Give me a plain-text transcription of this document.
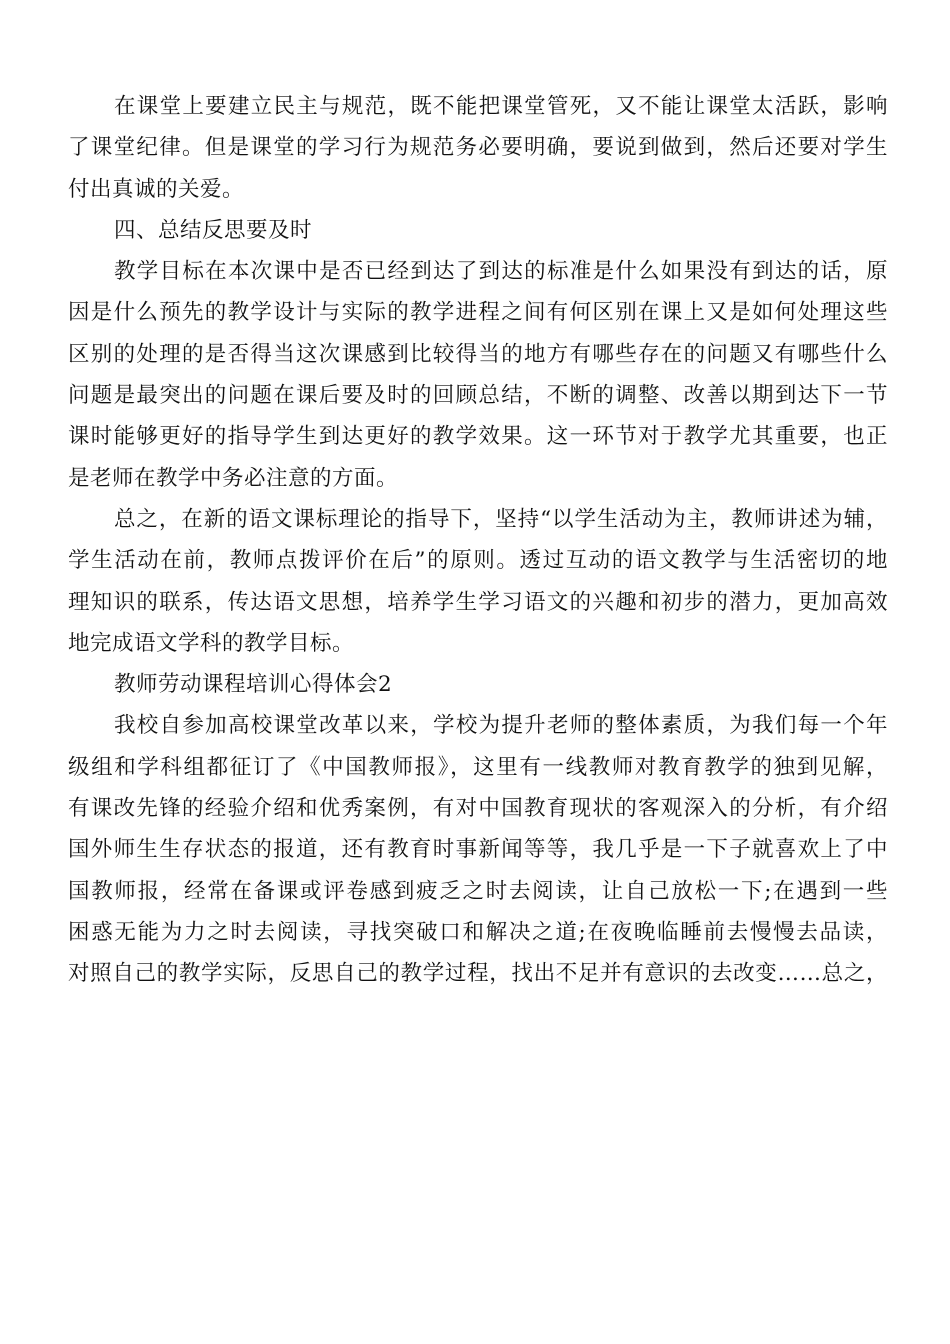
在课堂上要建立民主与规范，既不能把课堂管死，又不能让课堂太活跃，影响
了课堂纪律。但是课堂的学习行为规范务必要明确，要说到做到，然后还要对学生
付出真诚的关爱。
四、总结反思要及时
教学目标在本次课中是否已经到达了到达的标准是什么如果没有到达的话，原
因是什么预先的教学设计与实际的教学进程之间有何区别在课上又是如何处理这些
区别的处理的是否得当这次课感到比较得当的地方有哪些存在的问题又有哪些什么
问题是最突出的问题在课后要及时的回顾总结，不断的调整、改善以期到达下一节
课时能够更好的指导学生到达更好的教学效果。这一环节对于教学尤其重要，也正
是老师在教学中务必注意的方面。
总之，在新的语文课标理论的指导下，坚持“以学生活动为主，教师讲述为辅，
学生活动在前，教师点拨评价在后”的原则。透过互动的语文教学与生活密切的地
理知识的联系，传达语文思想，培养学生学习语文的兴趣和初步的潜力，更加高效
地完成语文学科的教学目标。
教师劳动课程培训心得体会2
我校自参加高校课堂改革以来，学校为提升老师的整体素质，为我们每一个年
级组和学科组都征订了《中国教师报》，这里有一线教师对教育教学的独到见解，
有课改先锋的经验介绍和优秀案例，有对中国教育现状的客观深入的分析，有介绍
国外师生生存状态的报道，还有教育时事新闻等等，我几乎是一下子就喜欢上了中
国教师报，经常在备课或评卷感到疲乏之时去阅读，让自己放松一下;在遇到一些
困惑无能为力之时去阅读，寻找突破口和解决之道;在夜晚临睡前去慢慢去品读，
对照自己的教学实际，反思自己的教学过程，找出不足并有意识的去改变……总之，
